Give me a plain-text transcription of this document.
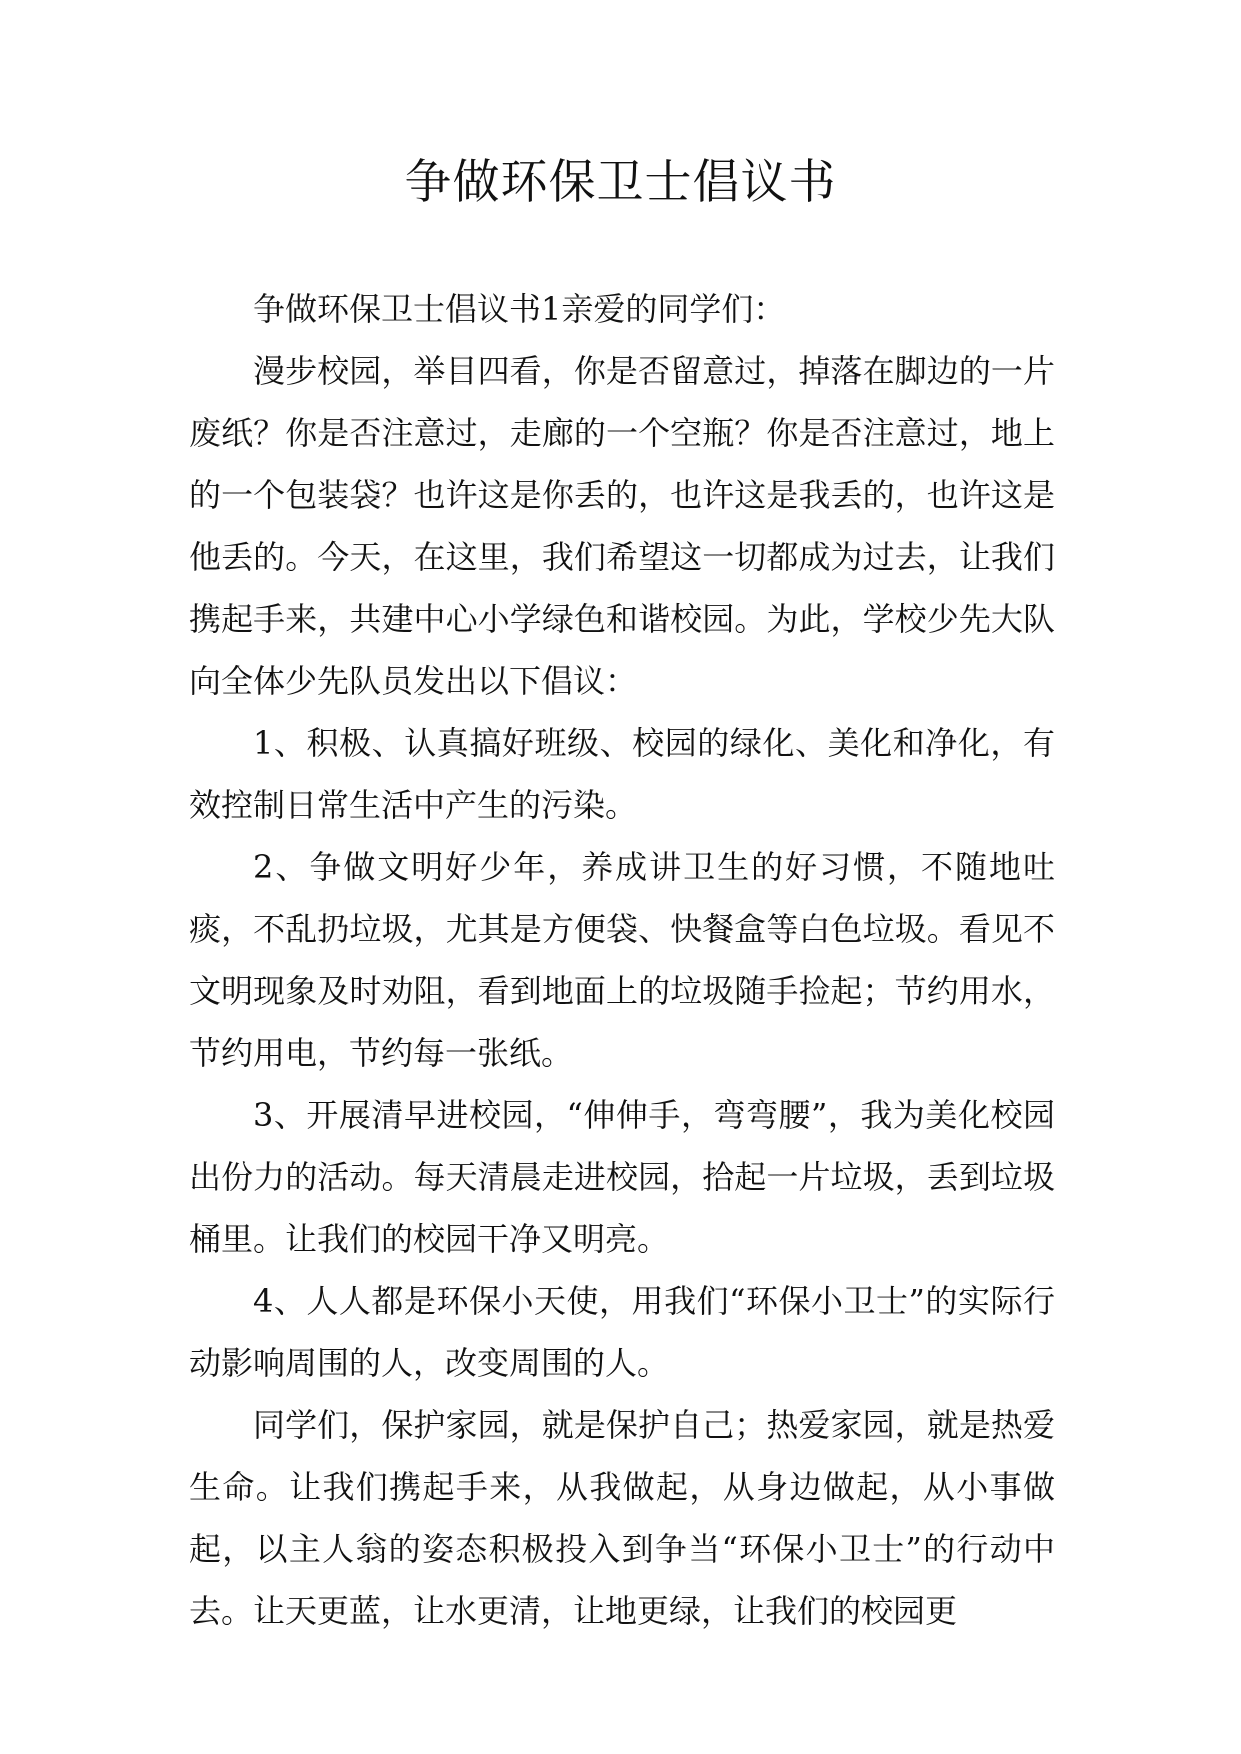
争做环保卫士倡议书

争做环保卫士倡议书1亲爱的同学们：

漫步校园，举目四看，你是否留意过，掉落在脚边的一片废纸？你是否注意过，走廊的一个空瓶？你是否注意过，地上的一个包装袋？也许这是你丢的，也许这是我丢的，也许这是他丢的。今天，在这里，我们希望这一切都成为过去，让我们携起手来，共建中心小学绿色和谐校园。为此，学校少先大队向全体少先队员发出以下倡议：

1、积极、认真搞好班级、校园的绿化、美化和净化，有效控制日常生活中产生的污染。

2、争做文明好少年，养成讲卫生的好习惯，不随地吐痰，不乱扔垃圾，尤其是方便袋、快餐盒等白色垃圾。看见不文明现象及时劝阻，看到地面上的垃圾随手捡起；节约用水，节约用电，节约每一张纸。

3、开展清早进校园，“伸伸手，弯弯腰”，我为美化校园出份力的活动。每天清晨走进校园，拾起一片垃圾，丢到垃圾桶里。让我们的校园干净又明亮。

4、人人都是环保小天使，用我们“环保小卫士”的实际行动影响周围的人，改变周围的人。

同学们，保护家园，就是保护自己；热爱家园，就是热爱生命。让我们携起手来，从我做起，从身边做起，从小事做起，以主人翁的姿态积极投入到争当“环保小卫士”的行动中去。让天更蓝，让水更清，让地更绿，让我们的校园更
